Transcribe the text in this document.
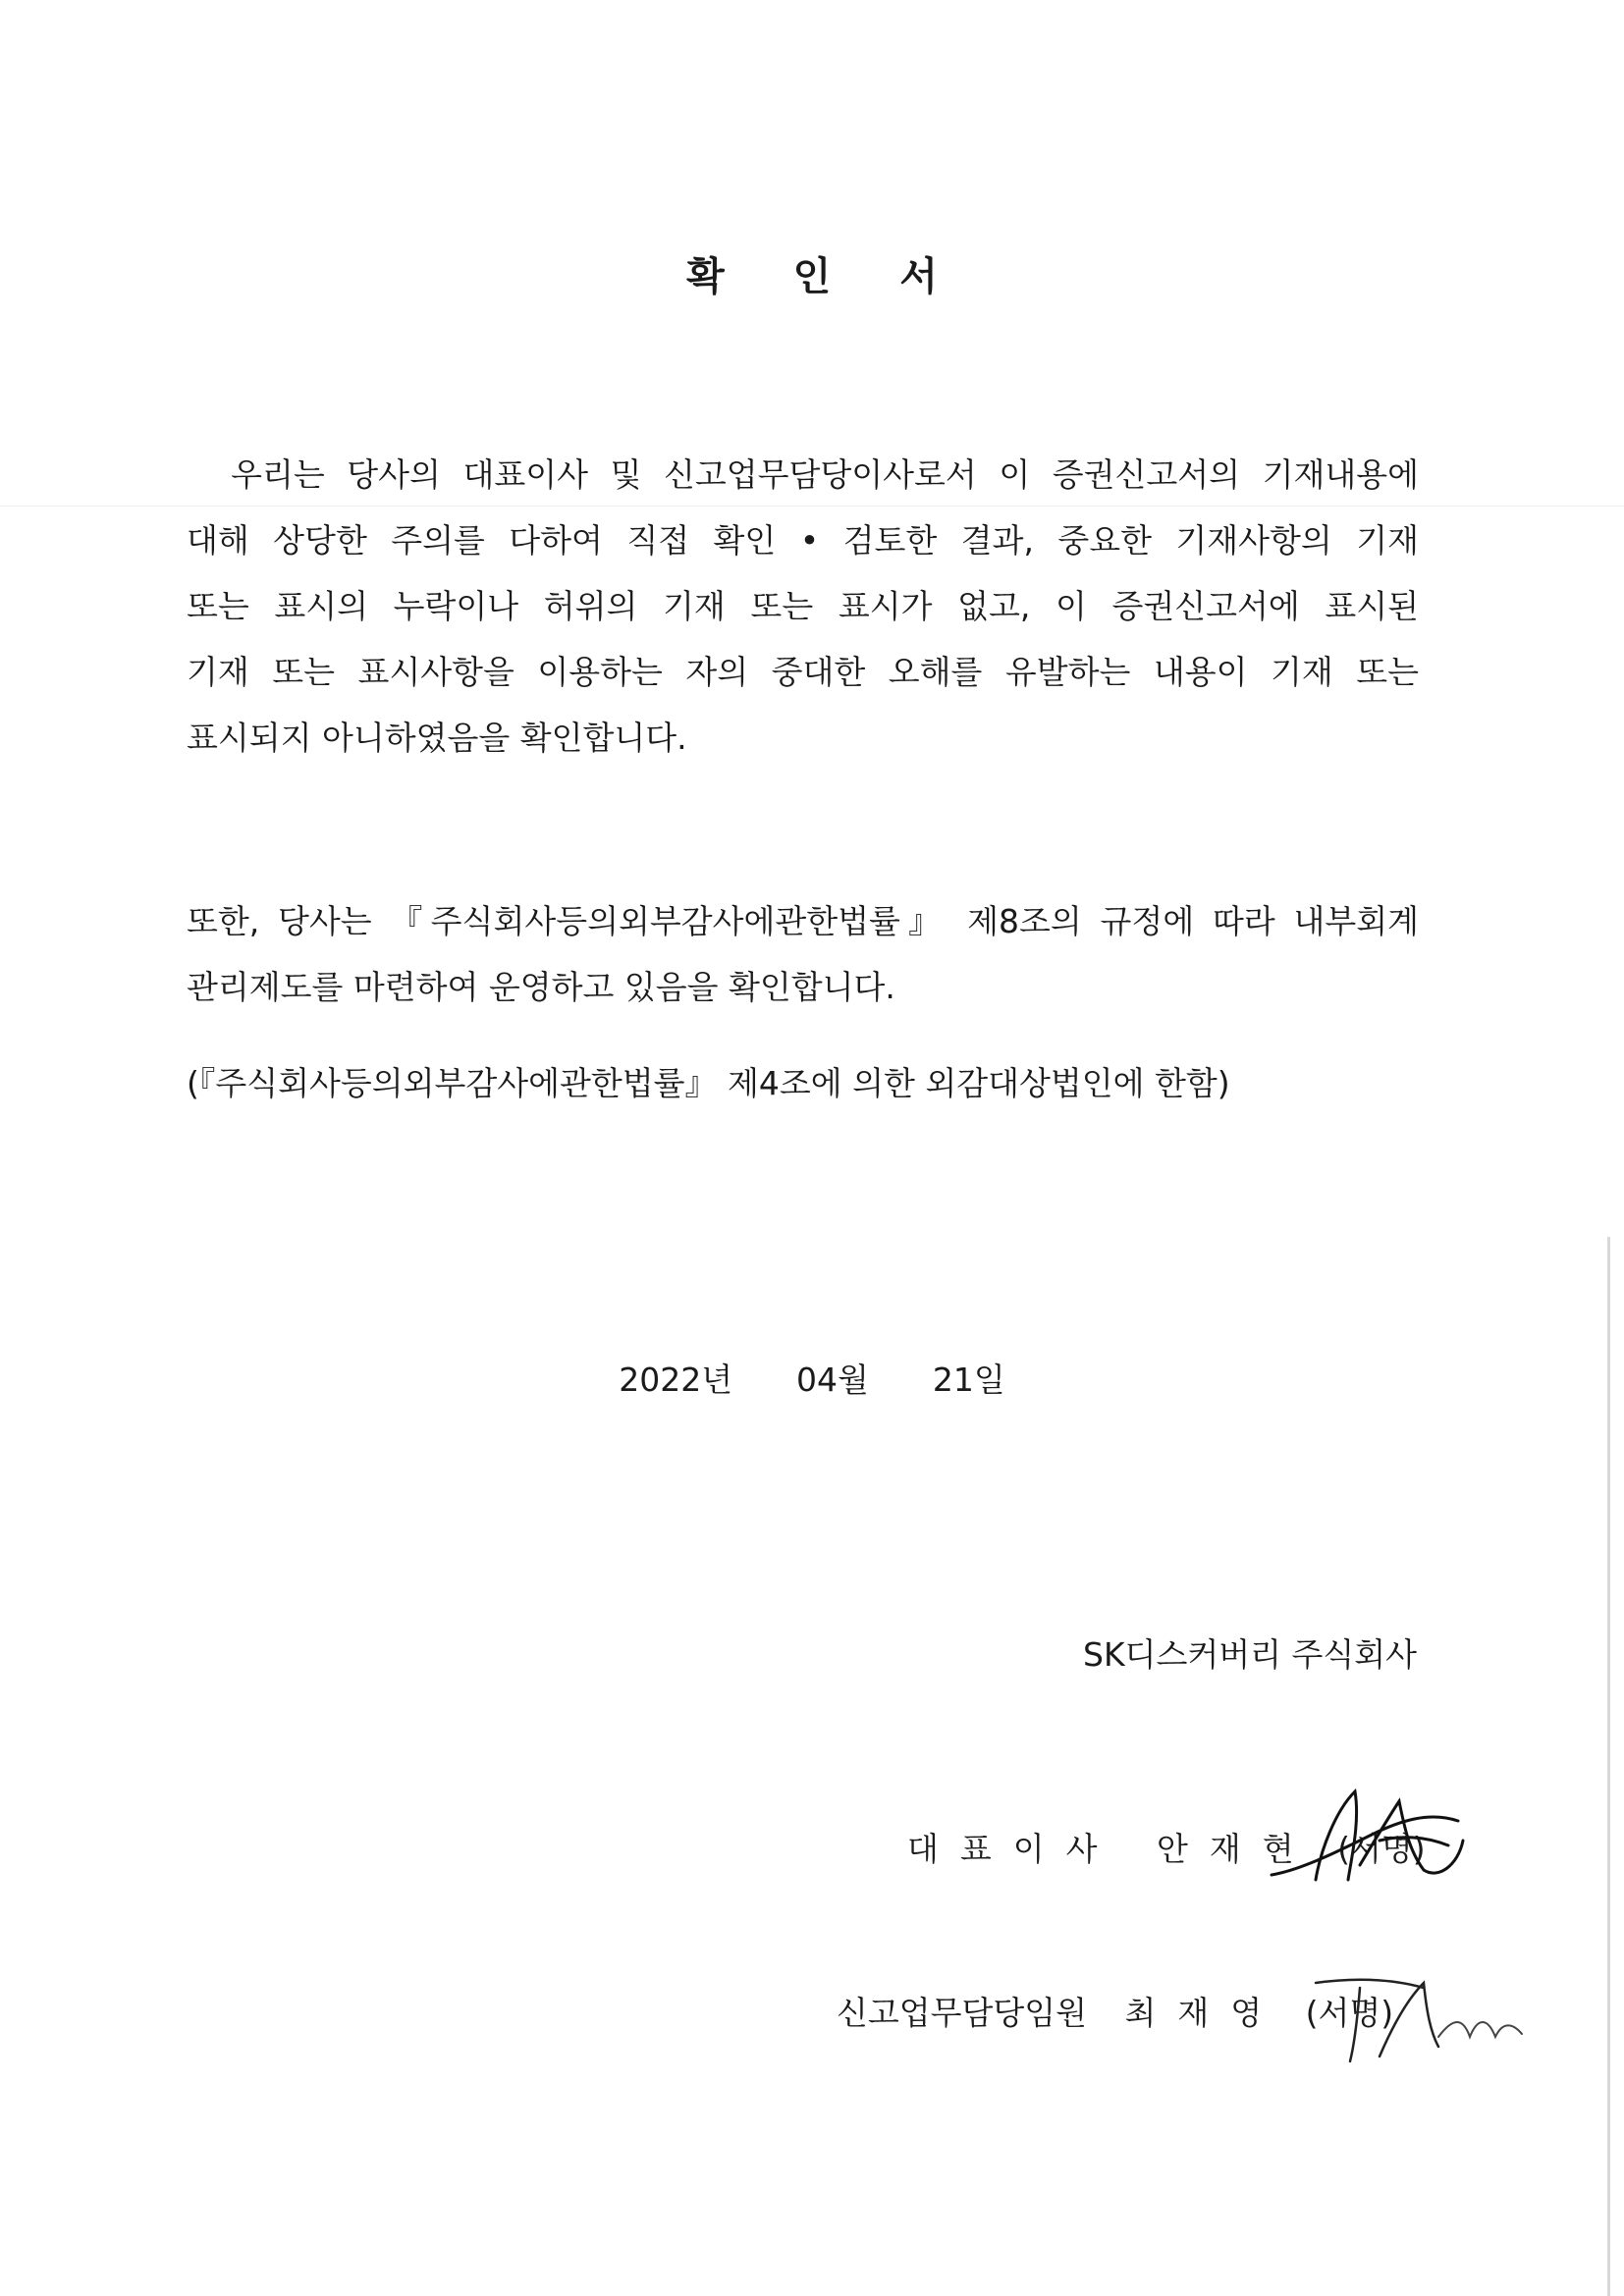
확 인 서
우리는 당사의 대표이사 및 신고업무담당이사로서 이 증권신고서의 기재내용에
대해 상당한 주의를 다하여 직접 확인 • 검토한 결과, 중요한 기재사항의 기재
또는 표시의 누락이나 허위의 기재 또는 표시가 없고, 이 증권신고서에 표시된
기재 또는 표시사항을 이용하는 자의 중대한 오해를 유발하는 내용이 기재 또는
표시되지 아니하였음을 확인합니다.
또한, 당사는 『주식회사등의외부감사에관한법률』 제8조의 규정에 따라 내부회계
관리제도를 마련하여 운영하고 있음을 확인합니다.
(『주식회사등의외부감사에관한법률』 제4조에 의한 외감대상법인에 한함)
2022년  04월  21일
SK디스커버리 주식회사
대표이사 안재현 (서명)
신고업무담당임원 최재영 (서명)
